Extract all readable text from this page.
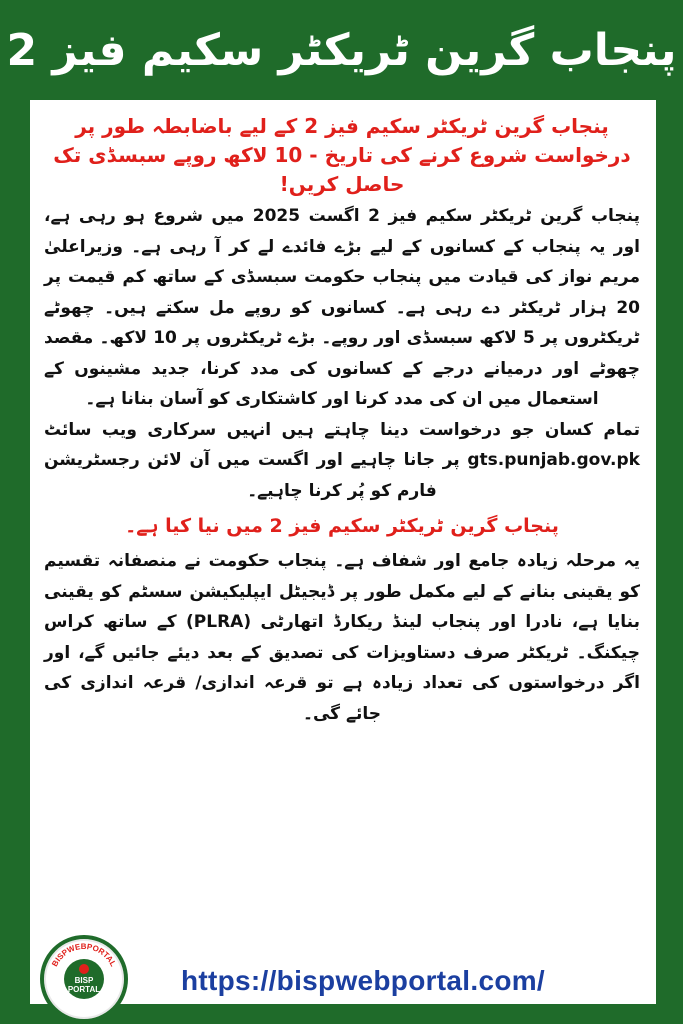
پنجاب گرین ٹریکٹر سکیم فیز 2
پنجاب گرین ٹریکٹر سکیم فیز 2 کے لیے باضابطہ طور پر درخواست شروع کرنے کی تاریخ - 10 لاکھ روپے سبسڈی تک حاصل کریں!
پنجاب گرین ٹریکٹر سکیم فیز 2 اگست 2025 میں شروع ہو رہی ہے، اور یہ پنجاب کے کسانوں کے لیے بڑے فائدے لے کر آ رہی ہے۔ وزیراعلیٰ مریم نواز کی قیادت میں پنجاب حکومت سبسڈی کے ساتھ کم قیمت پر 20 ہزار ٹریکٹر دے رہی ہے۔ کسانوں کو روپے مل سکتے ہیں۔ چھوٹے ٹریکٹروں پر 5 لاکھ سبسڈی اور روپے۔ بڑے ٹریکٹروں پر 10 لاکھ۔ مقصد چھوٹے اور درمیانے درجے کے کسانوں کی مدد کرنا، جدید مشینوں کے استعمال میں ان کی مدد کرنا اور کاشتکاری کو آسان بنانا ہے۔
تمام کسان جو درخواست دینا چاہتے ہیں انہیں سرکاری ویب سائٹ gts.punjab.gov.pk پر جانا چاہیے اور اگست میں آن لائن رجسٹریشن فارم کو پُر کرنا چاہیے۔
پنجاب گرین ٹریکٹر سکیم فیز 2 میں نیا کیا ہے۔
یہ مرحلہ زیادہ جامع اور شفاف ہے۔ پنجاب حکومت نے منصفانہ تقسیم کو یقینی بنانے کے لیے مکمل طور پر ڈیجیٹل ایپلیکیشن سسٹم کو یقینی بنایا ہے، نادرا اور پنجاب لینڈ ریکارڈ اتھارٹی (PLRA) کے ساتھ کراس چیکنگ۔ ٹریکٹر صرف دستاویزات کی تصدیق کے بعد دیئے جائیں گے، اور اگر درخواستوں کی تعداد زیادہ ہے تو قرعہ اندازی/ قرعہ اندازی کی جائے گی۔
BISPWEBPORTAL
BISP
PORTAL	https://bispwebportal.com/
